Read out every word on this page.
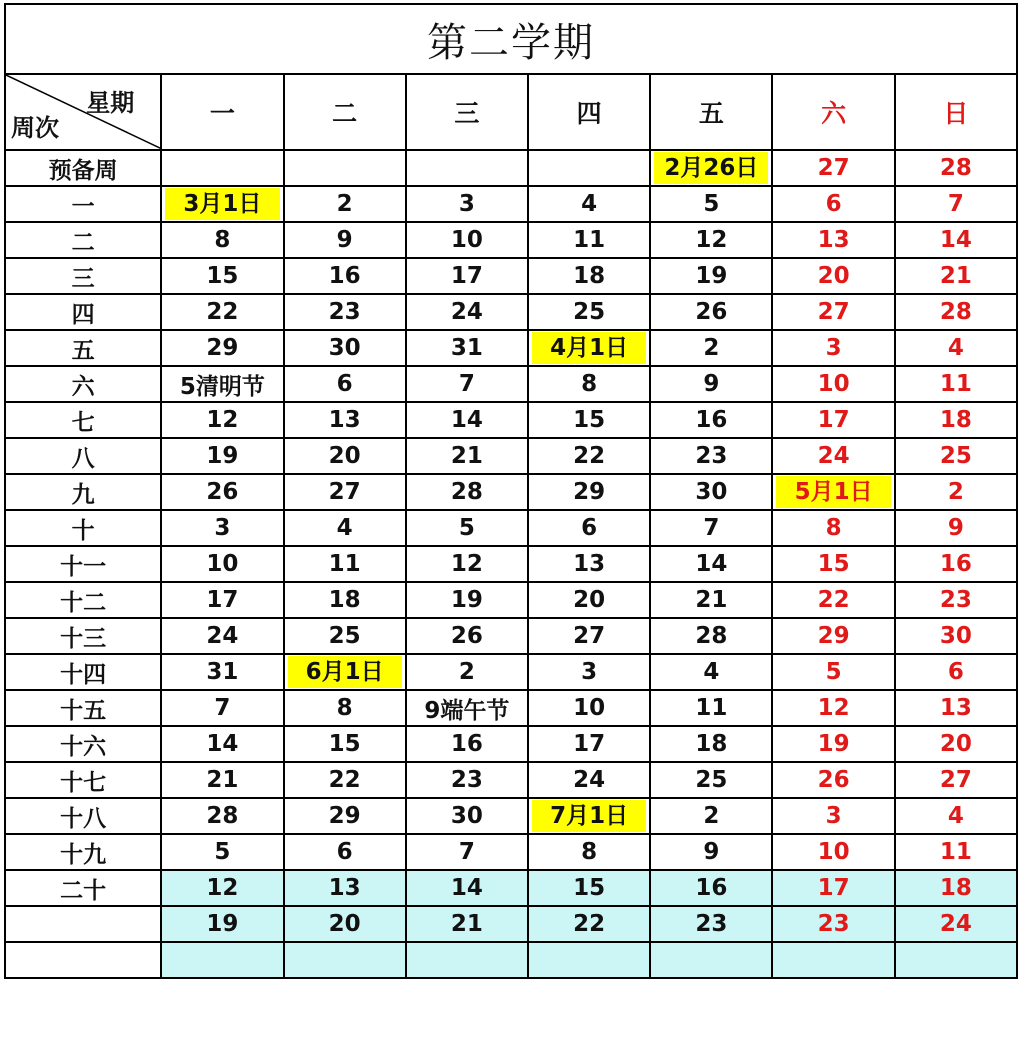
第二学期							

星期
周次	一	二	三	四	五	六	日
预备周					2月26日	27	28
一	3月1日	2	3	4	5	6	7
二	8	9	10	11	12	13	14
三	15	16	17	18	19	20	21
四	22	23	24	25	26	27	28
五	29	30	31	4月1日	2	3	4
六	5清明节	6	7	8	9	10	11
七	12	13	14	15	16	17	18
八	19	20	21	22	23	24	25
九	26	27	28	29	30	5月1日	2
十	3	4	5	6	7	8	9
十一	10	11	12	13	14	15	16
十二	17	18	19	20	21	22	23
十三	24	25	26	27	28	29	30
十四	31	6月1日	2	3	4	5	6
十五	7	8	9端午节	10	11	12	13
十六	14	15	16	17	18	19	20
十七	21	22	23	24	25	26	27
十八	28	29	30	7月1日	2	3	4
十九	5	6	7	8	9	10	11
二十	12	13	14	15	16	17	18
	19	20	21	22	23	23	24
